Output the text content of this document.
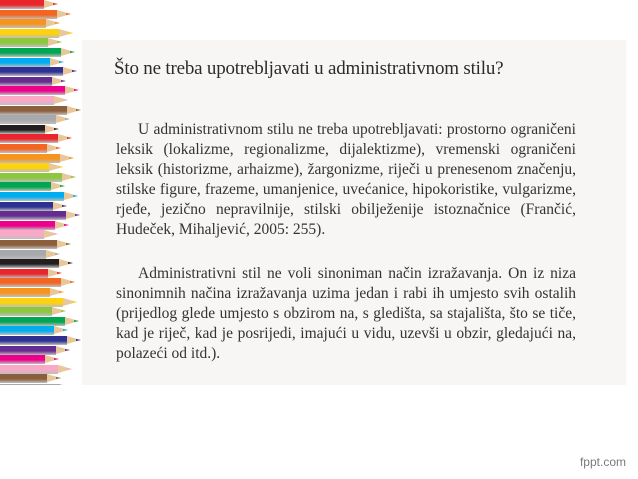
Što ne treba upotrebljavati u administrativnom stilu?

U administrativnom stilu ne treba upotrebljavati: prostorno ograničeni leksik (lokalizme, regionalizme, dijalektizme), vremenski ograničeni leksik (historizme, arhaizme), žargonizme, riječi u prenesenom značenju, stilske figure, frazeme, umanjenice, uvećanice, hipokoristike, vulgarizme, rjeđe, jezično nepravilnije, stilski obilježenije istoznačnice (Frančić, Hudeček, Mihaljević, 2005: 255).

Administrativni stil ne voli sinoniman način izražavanja. On iz niza sinonimnih načina izražavanja uzima jedan i rabi ih umjesto svih ostalih (prijedlog glede umjesto s obzirom na, s gledišta, sa stajališta, što se tiče, kad je riječ, kad je posrijedi, imajući u vidu, uzevši u obzir, gledajući na, polazeći od itd.).

fppt.com
